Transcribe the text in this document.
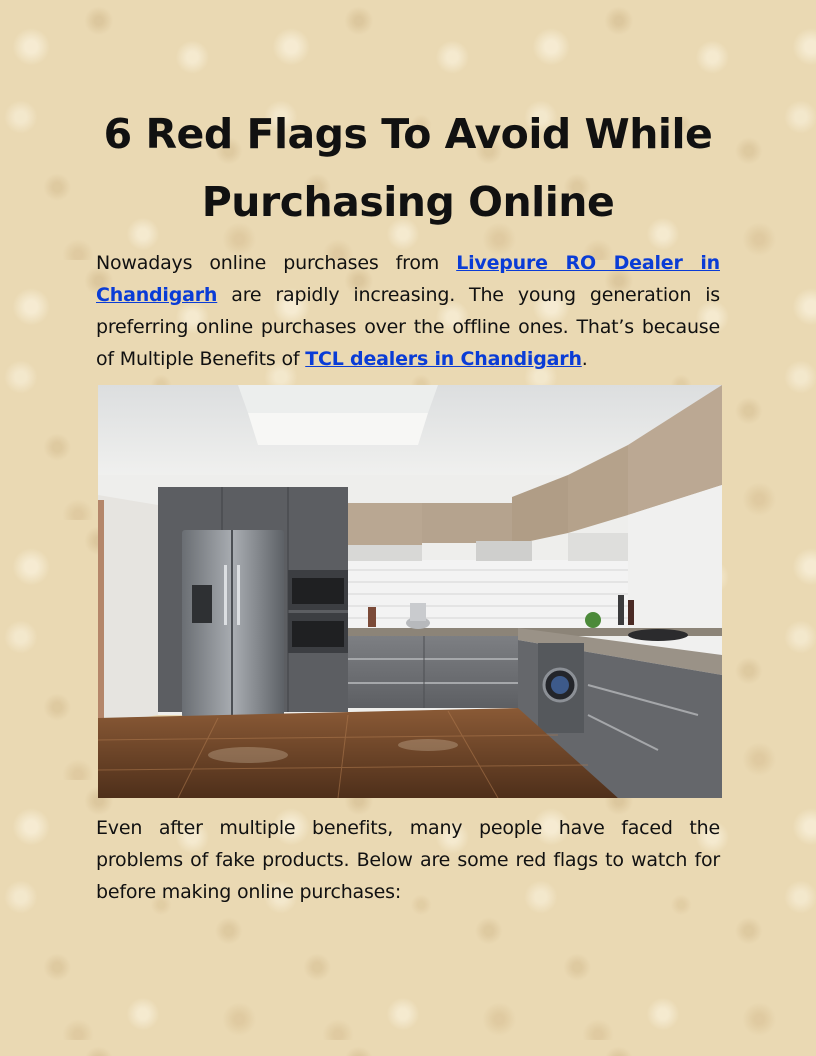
6 Red Flags To Avoid While Purchasing Online

Nowadays online purchases from Livepure RO Dealer in Chandigarh are rapidly increasing. The young generation is preferring online purchases over the offline ones. That’s because of Multiple Benefits of TCL dealers in Chandigarh.

Even after multiple benefits, many people have faced the problems of fake products. Below are some red flags to watch for before making online purchases:
